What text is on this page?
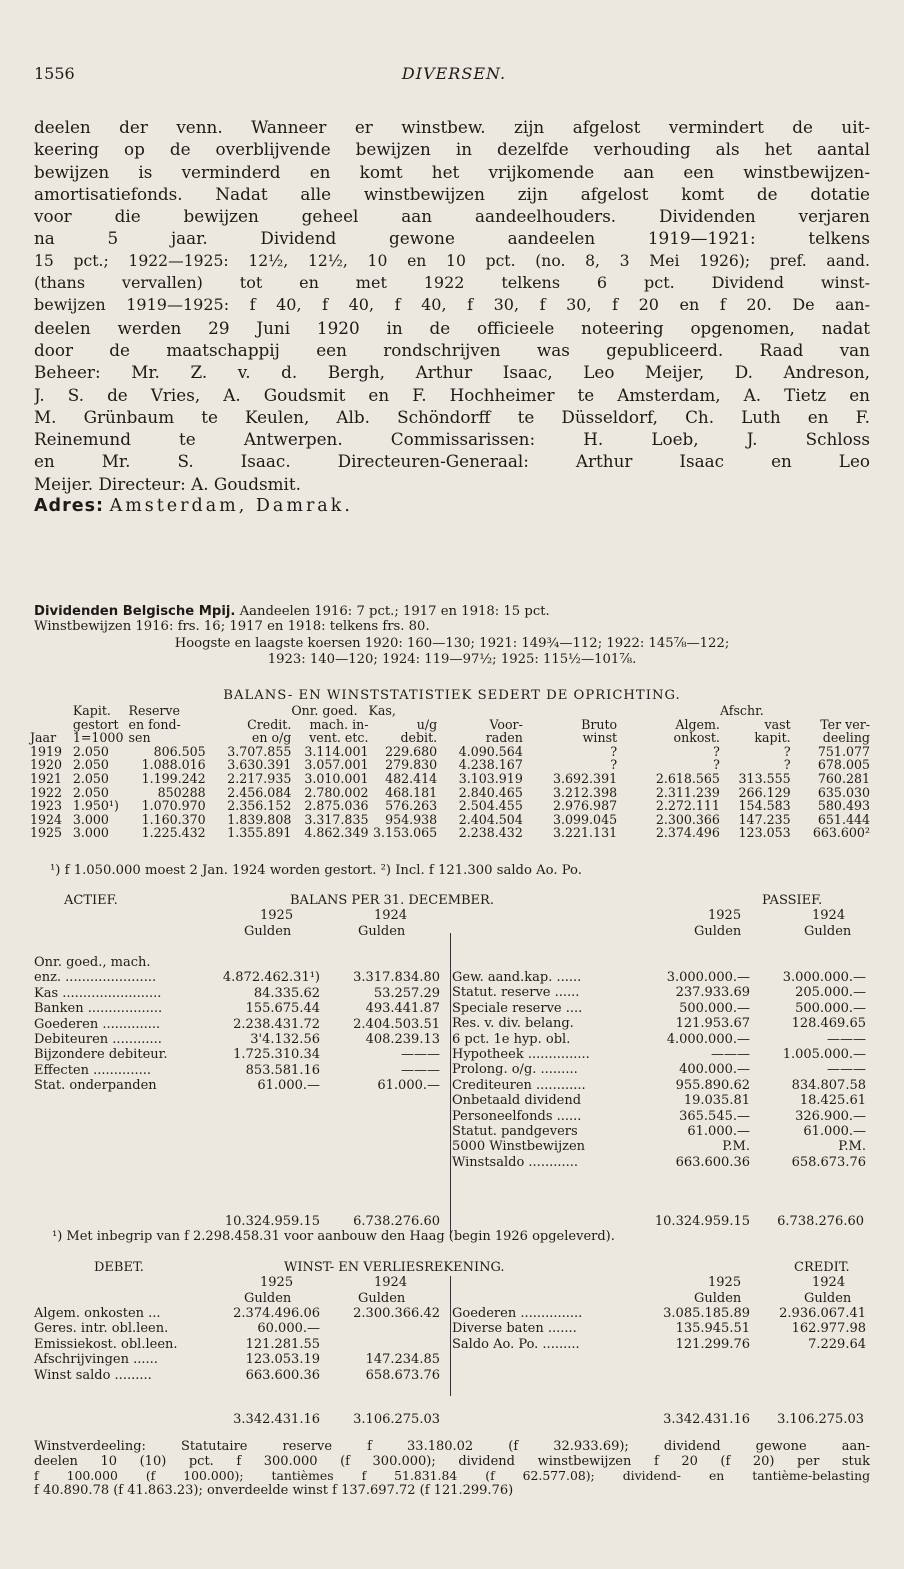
1556	DIVERSEN.
deelen der venn. Wanneer er winstbew. zijn afgelost vermindert de uit-
keering op de overblijvende bewijzen in dezelfde verhouding als het aantal
bewijzen is verminderd en komt het vrijkomende aan een winstbewijzen-
amortisatiefonds. Nadat alle winstbewijzen zijn afgelost komt de dotatie
voor die bewijzen geheel aan aandeelhouders. Dividenden verjaren
na 5 jaar. Dividend gewone aandeelen 1919—1921: telkens
15 pct.; 1922—1925: 12½, 12½, 10 en 10 pct. (no. 8, 3 Mei 1926); pref. aand.
(thans vervallen) tot en met 1922 telkens 6 pct. Dividend winst-
bewijzen 1919—1925: f 40, f 40, f 40, f 30, f 30, f 20 en f 20. De aan-
deelen werden 29 Juni 1920 in de officieele noteering opgenomen, nadat
door de maatschappij een rondschrijven was gepubliceerd. Raad van
Beheer: Mr. Z. v. d. Bergh, Arthur Isaac, Leo Meijer, D. Andreson,
J. S. de Vries, A. Goudsmit en F. Hochheimer te Amsterdam, A. Tietz en
M. Grünbaum te Keulen, Alb. Schöndorff te Düsseldorf, Ch. Luth en F.
Reinemund te Antwerpen. Commissarissen: H. Loeb, J. Schloss
en Mr. S. Isaac. Directeuren-Generaal: Arthur Isaac en Leo
Meijer. Directeur: A. Goudsmit.
Adres: Amsterdam, Damrak.
Dividenden Belgische Mpij. Aandeelen 1916: 7 pct.; 1917 en 1918: 15 pct.
Winstbewijzen 1916: frs. 16; 1917 en 1918: telkens frs. 80.
Hoogste en laagste koersen 1920: 160—130; 1921: 149¾—112; 1922: 145⅞—122;
1923: 140—120; 1924: 119—97½; 1925: 115½—101⅞.
BALANS- EN WINSTSTATISTIEK SEDERT DE OPRICHTING.
	Kapit.	Reserve		Onr. goed.	Kas,				Afschr.	
	gestort	en fond-	Credit.	mach. in-	u/g	Voor-	Bruto	Algem.	vast	Ter ver-
Jaar	1=1000	sen	en o/g	vent. etc.	debit.	raden	winst	onkost.	kapit.	deeling
1919	2.050	806.505	3.707.855	3.114.001	229.680	4.090.564	?	?	?	751.077
1920	2.050	1.088.016	3.630.391	3.057.001	279.830	4.238.167	?	?	?	678.005
1921	2.050	1.199.242	2.217.935	3.010.001	482.414	3.103.919	3.692.391	2.618.565	313.555	760.281
1922	2.050	850288	2.456.084	2.780.002	468.181	2.840.465	3.212.398	2.311.239	266.129	635.030
1923	1.950¹)	1.070.970	2.356.152	2.875.036	576.263	2.504.455	2.976.987	2.272.111	154.583	580.493
1924	3.000	1.160.370	1.839.808	3.317.835	954.938	2.404.504	3.099.045	2.300.366	147.235	651.444
1925	3.000	1.225.432	1.355.891	4.862.349	3.153.065	2.238.432	3.221.131	2.374.496	123.053	663.600²
¹) f 1.050.000 moest 2 Jan. 1924 worden gestort. ²) Incl. f 121.300 saldo Ao. Po.
ACTIEF.	BALANS PER 31. DECEMBER.	PASSIEF.
1925	1924	1925	1924
Gulden	Gulden	Gulden	Gulden
Onr. goed., mach.
enz. ......................	4.872.462.31¹)	3.317.834.80
Kas ........................	84.335.62	53.257.29
Banken ..................	155.675.44	493.441.87
Goederen ..............	2.238.431.72	2.404.503.51
Debiteuren ............	3'4.132.56	408.239.13
Bijzondere debiteur.	1.725.310.34	———
Effecten ..............	853.581.16	———
Stat. onderpanden	61.000.—	61.000.—
Gew. aand.kap. ......	3.000.000.—	3.000.000.—
Statut. reserve ......	237.933.69	205.000.—
Speciale reserve ....	500.000.—	500.000.—
Res. v. div. belang.	121.953.67	128.469.65
6 pct. 1e hyp. obl.	4.000.000.—	———
Hypotheek ...............	———	1.005.000.—
Prolong. o/g. .........	400.000.—	———
Crediteuren ............	955.890.62	834.807.58
Onbetaald dividend	19.035.81	18.425.61
Personeelfonds ......	365.545.—	326.900.—
Statut. pandgevers	61.000.—	61.000.—
5000 Winstbewijzen	P.M.	P.M.
Winstsaldo ............	663.600.36	658.673.76
10.324.959.15	6.738.276.60	10.324.959.15	6.738.276.60
¹) Met inbegrip van f 2.298.458.31 voor aanbouw den Haag (begin 1926 opgeleverd).
DEBET.	WINST- EN VERLIESREKENING.	CREDIT.
1925	1924	1925	1924
Gulden	Gulden	Gulden	Gulden
Algem. onkosten ...	2.374.496.06	2.300.366.42
Geres. intr. obl.leen.	60.000.—
Emissiekost. obl.leen.	121.281.55
Afschrijvingen ......	123.053.19	147.234.85
Winst saldo .........	663.600.36	658.673.76
Goederen ...............	3.085.185.89	2.936.067.41
Diverse baten .......	135.945.51	162.977.98
Saldo Ao. Po. .........	121.299.76	7.229.64
3.342.431.16	3.106.275.03	3.342.431.16	3.106.275.03
Winstverdeeling: Statutaire reserve f 33.180.02 (f 32.933.69); dividend gewone aan-
deelen 10 (10) pct. f 300.000 (f 300.000); dividend winstbewijzen f 20 (f 20) per stuk
f 100.000 (f 100.000); tantièmes f 51.831.84 (f 62.577.08); dividend- en tantième-belasting
f 40.890.78 (f 41.863.23); onverdeelde winst f 137.697.72 (f 121.299.76)
